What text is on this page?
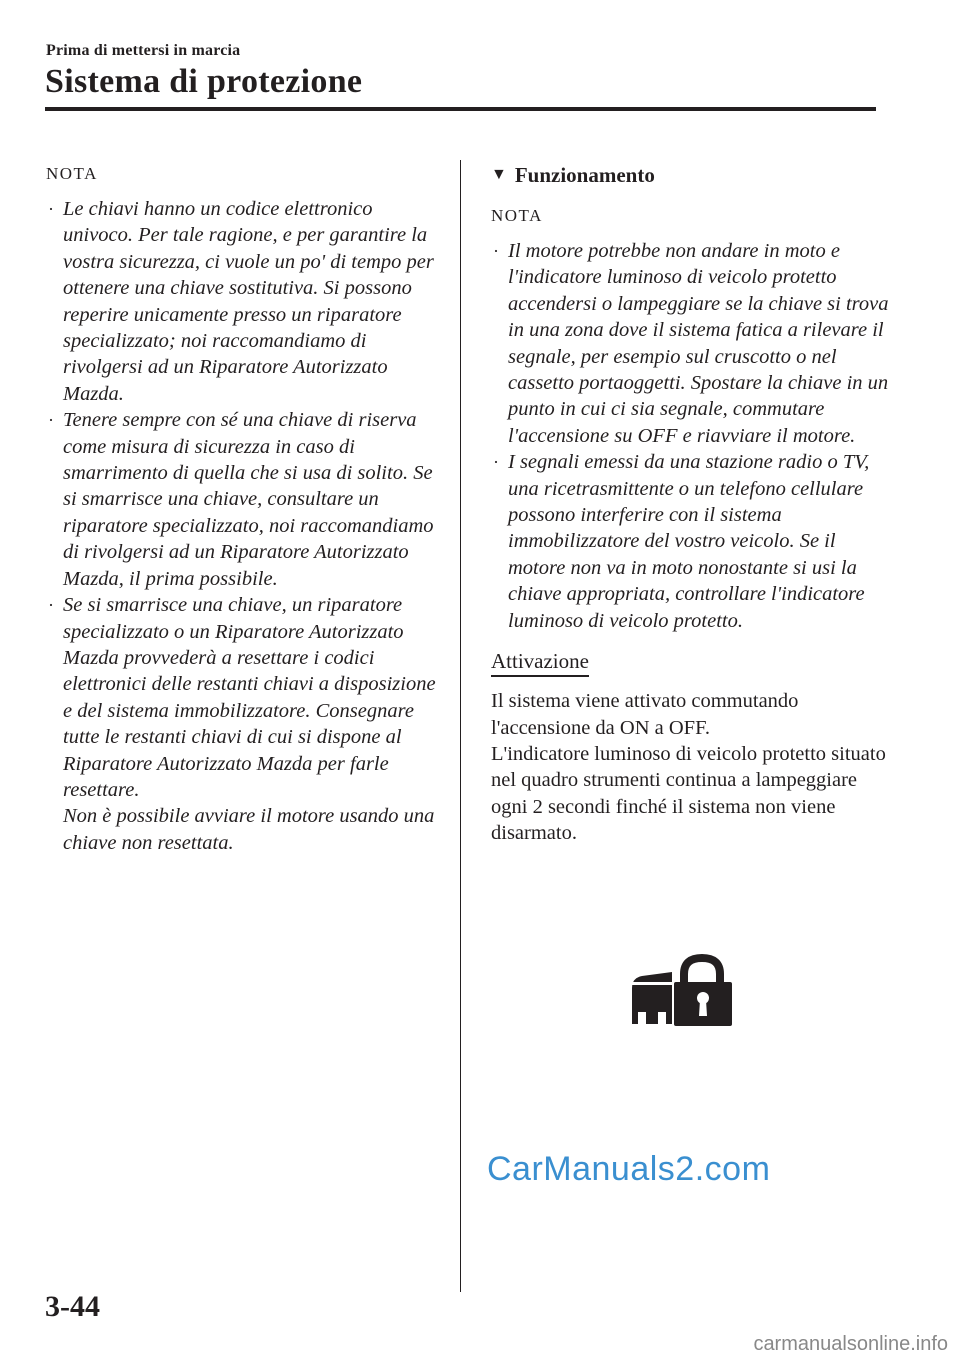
Prima di mettersi in marcia
Sistema di protezione
NOTA
· Le chiavi hanno un codice elettronico univoco. Per tale ragione, e per garantire la vostra sicurezza, ci vuole un po' di tempo per ottenere una chiave sostitutiva. Si possono reperire unicamente presso un riparatore specializzato; noi raccomandiamo di rivolgersi ad un Riparatore Autorizzato Mazda.
· Tenere sempre con sé una chiave di riserva come misura di sicurezza in caso di smarrimento di quella che si usa di solito. Se si smarrisce una chiave, consultare un riparatore specializzato, noi raccomandiamo di rivolgersi ad un Riparatore Autorizzato Mazda, il prima possibile.
· Se si smarrisce una chiave, un riparatore specializzato o un Riparatore Autorizzato Mazda provvederà a resettare i codici elettronici delle restanti chiavi a disposizione e del sistema immobilizzatore. Consegnare tutte le restanti chiavi di cui si dispone al Riparatore Autorizzato Mazda per farle resettare.
Non è possibile avviare il motore usando una chiave non resettata.
▼ Funzionamento
NOTA
· Il motore potrebbe non andare in moto e l'indicatore luminoso di veicolo protetto accendersi o lampeggiare se la chiave si trova in una zona dove il sistema fatica a rilevare il segnale, per esempio sul cruscotto o nel cassetto portaoggetti. Spostare la chiave in un punto in cui ci sia segnale, commutare l'accensione su OFF e riavviare il motore.
· I segnali emessi da una stazione radio o TV, una ricetrasmittente o un telefono cellulare possono interferire con il sistema immobilizzatore del vostro veicolo. Se il motore non va in moto nonostante si usi la chiave appropriata, controllare l'indicatore luminoso di veicolo protetto.
Attivazione

Il sistema viene attivato commutando l'accensione da ON a OFF.

L'indicatore luminoso di veicolo protetto situato nel quadro strumenti continua a lampeggiare ogni 2 secondi finché il sistema non viene disarmato.

CarManuals2.com
3-44
carmanualsonline.info
